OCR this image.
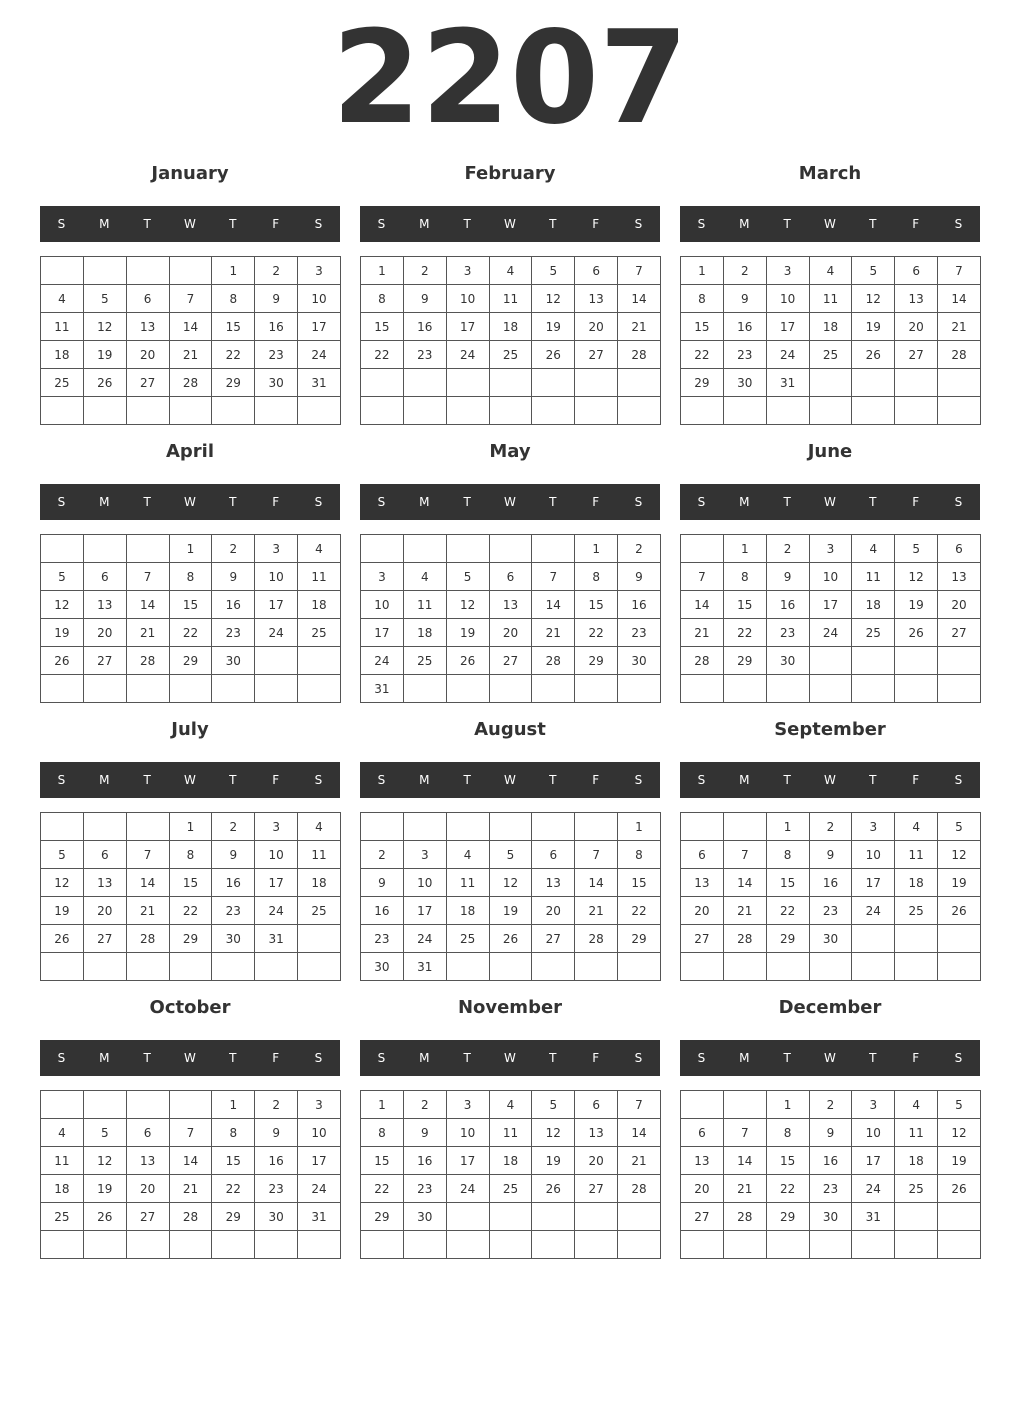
2207
January
S	M	T	W	T	F	S
				1	2	3
4	5	6	7	8	9	10
11	12	13	14	15	16	17
18	19	20	21	22	23	24
25	26	27	28	29	30	31

February
S	M	T	W	T	F	S
1	2	3	4	5	6	7
8	9	10	11	12	13	14
15	16	17	18	19	20	21
22	23	24	25	26	27	28

March
S	M	T	W	T	F	S
1	2	3	4	5	6	7
8	9	10	11	12	13	14
15	16	17	18	19	20	21
22	23	24	25	26	27	28
29	30	31				

April
S	M	T	W	T	F	S
			1	2	3	4
5	6	7	8	9	10	11
12	13	14	15	16	17	18
19	20	21	22	23	24	25
26	27	28	29	30		

May
S	M	T	W	T	F	S
					1	2
3	4	5	6	7	8	9
10	11	12	13	14	15	16
17	18	19	20	21	22	23
24	25	26	27	28	29	30
31						
June
S	M	T	W	T	F	S
	1	2	3	4	5	6
7	8	9	10	11	12	13
14	15	16	17	18	19	20
21	22	23	24	25	26	27
28	29	30				

July
S	M	T	W	T	F	S
			1	2	3	4
5	6	7	8	9	10	11
12	13	14	15	16	17	18
19	20	21	22	23	24	25
26	27	28	29	30	31	

August
S	M	T	W	T	F	S
						1
2	3	4	5	6	7	8
9	10	11	12	13	14	15
16	17	18	19	20	21	22
23	24	25	26	27	28	29
30	31					
September
S	M	T	W	T	F	S
		1	2	3	4	5
6	7	8	9	10	11	12
13	14	15	16	17	18	19
20	21	22	23	24	25	26
27	28	29	30			

October
S	M	T	W	T	F	S
				1	2	3
4	5	6	7	8	9	10
11	12	13	14	15	16	17
18	19	20	21	22	23	24
25	26	27	28	29	30	31

November
S	M	T	W	T	F	S
1	2	3	4	5	6	7
8	9	10	11	12	13	14
15	16	17	18	19	20	21
22	23	24	25	26	27	28
29	30					

December
S	M	T	W	T	F	S
		1	2	3	4	5
6	7	8	9	10	11	12
13	14	15	16	17	18	19
20	21	22	23	24	25	26
27	28	29	30	31		
